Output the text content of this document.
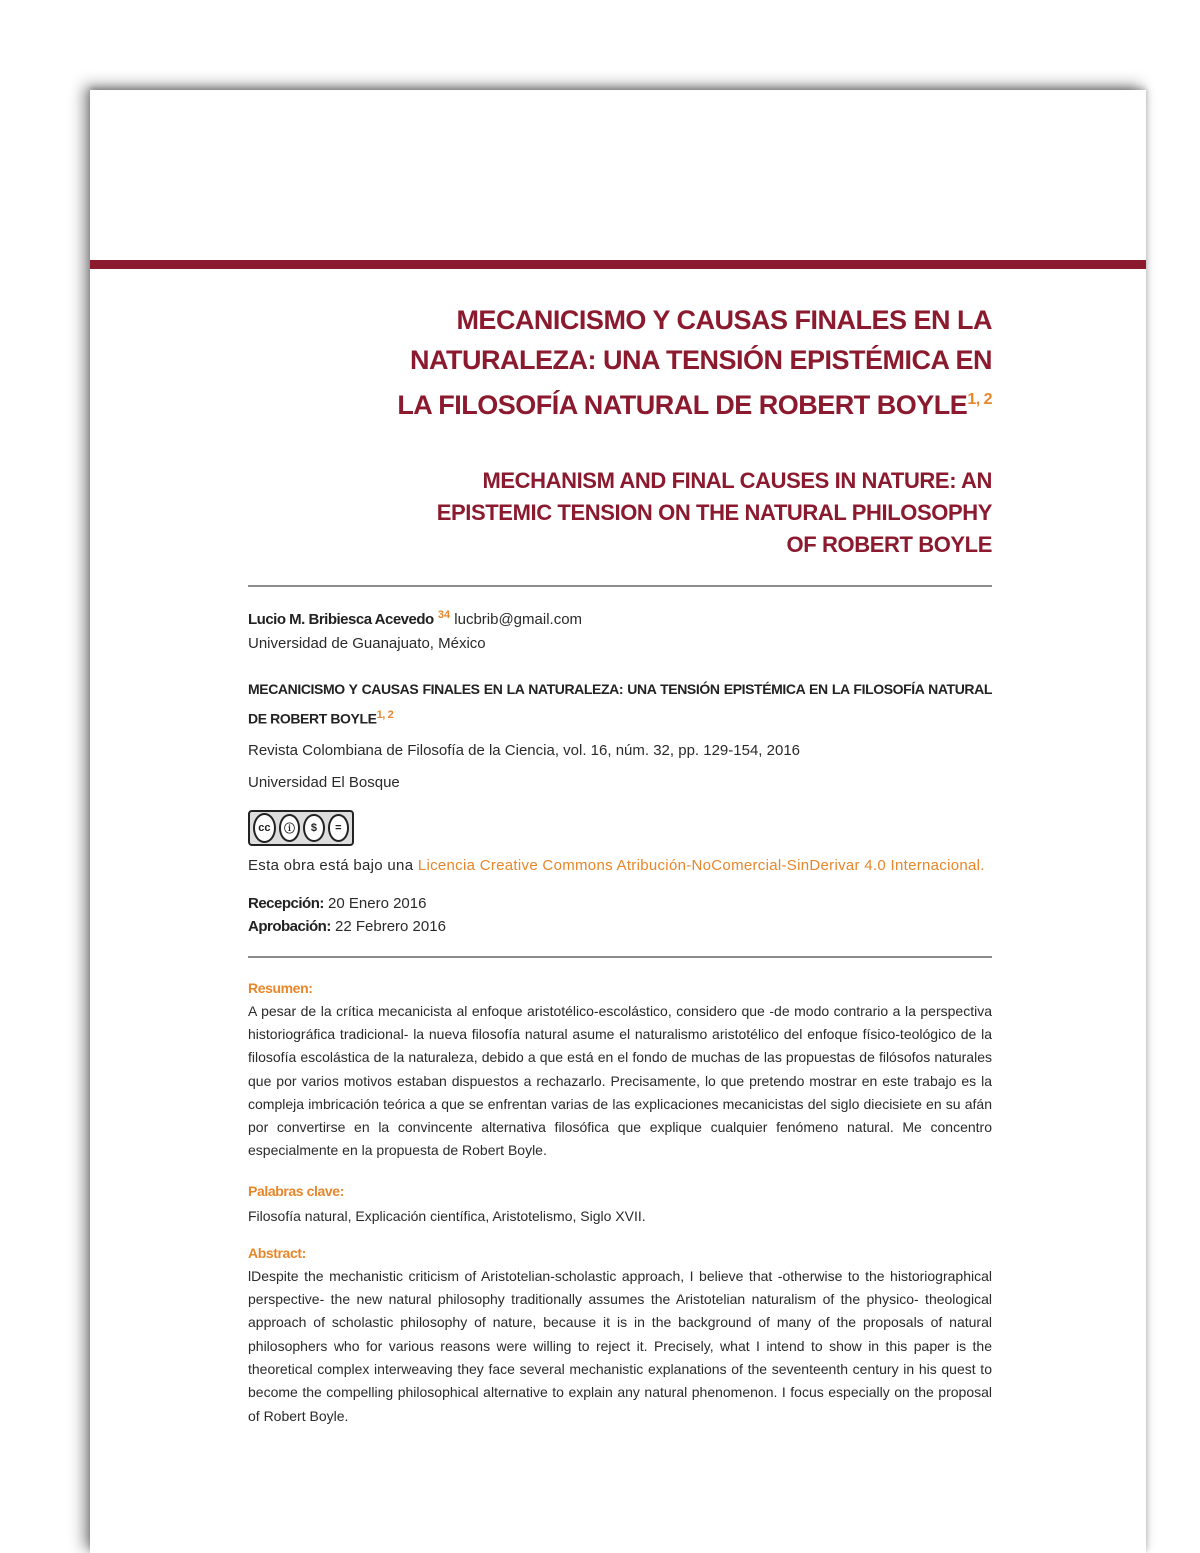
MECANICISMO Y CAUSAS FINALES EN LA
NATURALEZA: UNA TENSIÓN EPISTÉMICA EN
LA FILOSOFÍA NATURAL DE ROBERT BOYLE$^{1, 2}$
MECHANISM AND FINAL CAUSES IN NATURE: AN
EPISTEMIC TENSION ON THE NATURAL PHILOSOPHY
OF ROBERT BOYLE
Lucio M. Bribiesca Acevedo $^{34}$ lucbrib@gmail.com
Universidad de Guanajuato, México
MECANICISMO Y CAUSAS FINALES EN LA NATURALEZA: UNA TENSIÓN EPISTÉMICA EN LA FILOSOFÍA NATURAL DE ROBERT BOYLE$^{1, 2}$
Revista Colombiana de Filosofía de la Ciencia, vol. 16, núm. 32, pp. 129-154, 2016
Universidad El Bosque
cc	ⓘ	$	=
Esta obra está bajo una Licencia Creative Commons Atribución-NoComercial-SinDerivar 4.0 Internacional.
Recepción: 20 Enero 2016
Aprobación: 22 Febrero 2016
Resumen:
A pesar de la crítica mecanicista al enfoque aristotélico-escolástico, considero que -de modo contrario a la perspectiva historiográfica tradicional- la nueva filosofía natural asume el naturalismo aristotélico del enfoque físico-teológico de la filosofía escolástica de la naturaleza, debido a que está en el fondo de muchas de las propuestas de filósofos naturales que por varios motivos estaban dispuestos a rechazarlo. Precisamente, lo que pretendo mostrar en este trabajo es la compleja imbricación teórica a que se enfrentan varias de las explicaciones mecanicistas del siglo diecisiete en su afán por convertirse en la convincente alternativa filosófica que explique cualquier fenómeno natural. Me concentro especialmente en la propuesta de Robert Boyle.
Palabras clave:
Filosofía natural, Explicación científica, Aristotelismo, Siglo XVII.
Abstract:
lDespite the mechanistic criticism of Aristotelian-scholastic approach, I believe that -otherwise to the historiographical perspective- the new natural philosophy traditionally assumes the Aristotelian naturalism of the physico- theological approach of scholastic philosophy of nature, because it is in the background of many of the proposals of natural philosophers who for various reasons were willing to reject it. Precisely, what I intend to show in this paper is the theoretical complex interweaving they face several mechanistic explanations of the seventeenth century in his quest to become the compelling philosophical alternative to explain any natural phenomenon. I focus especially on the proposal of Robert Boyle.
